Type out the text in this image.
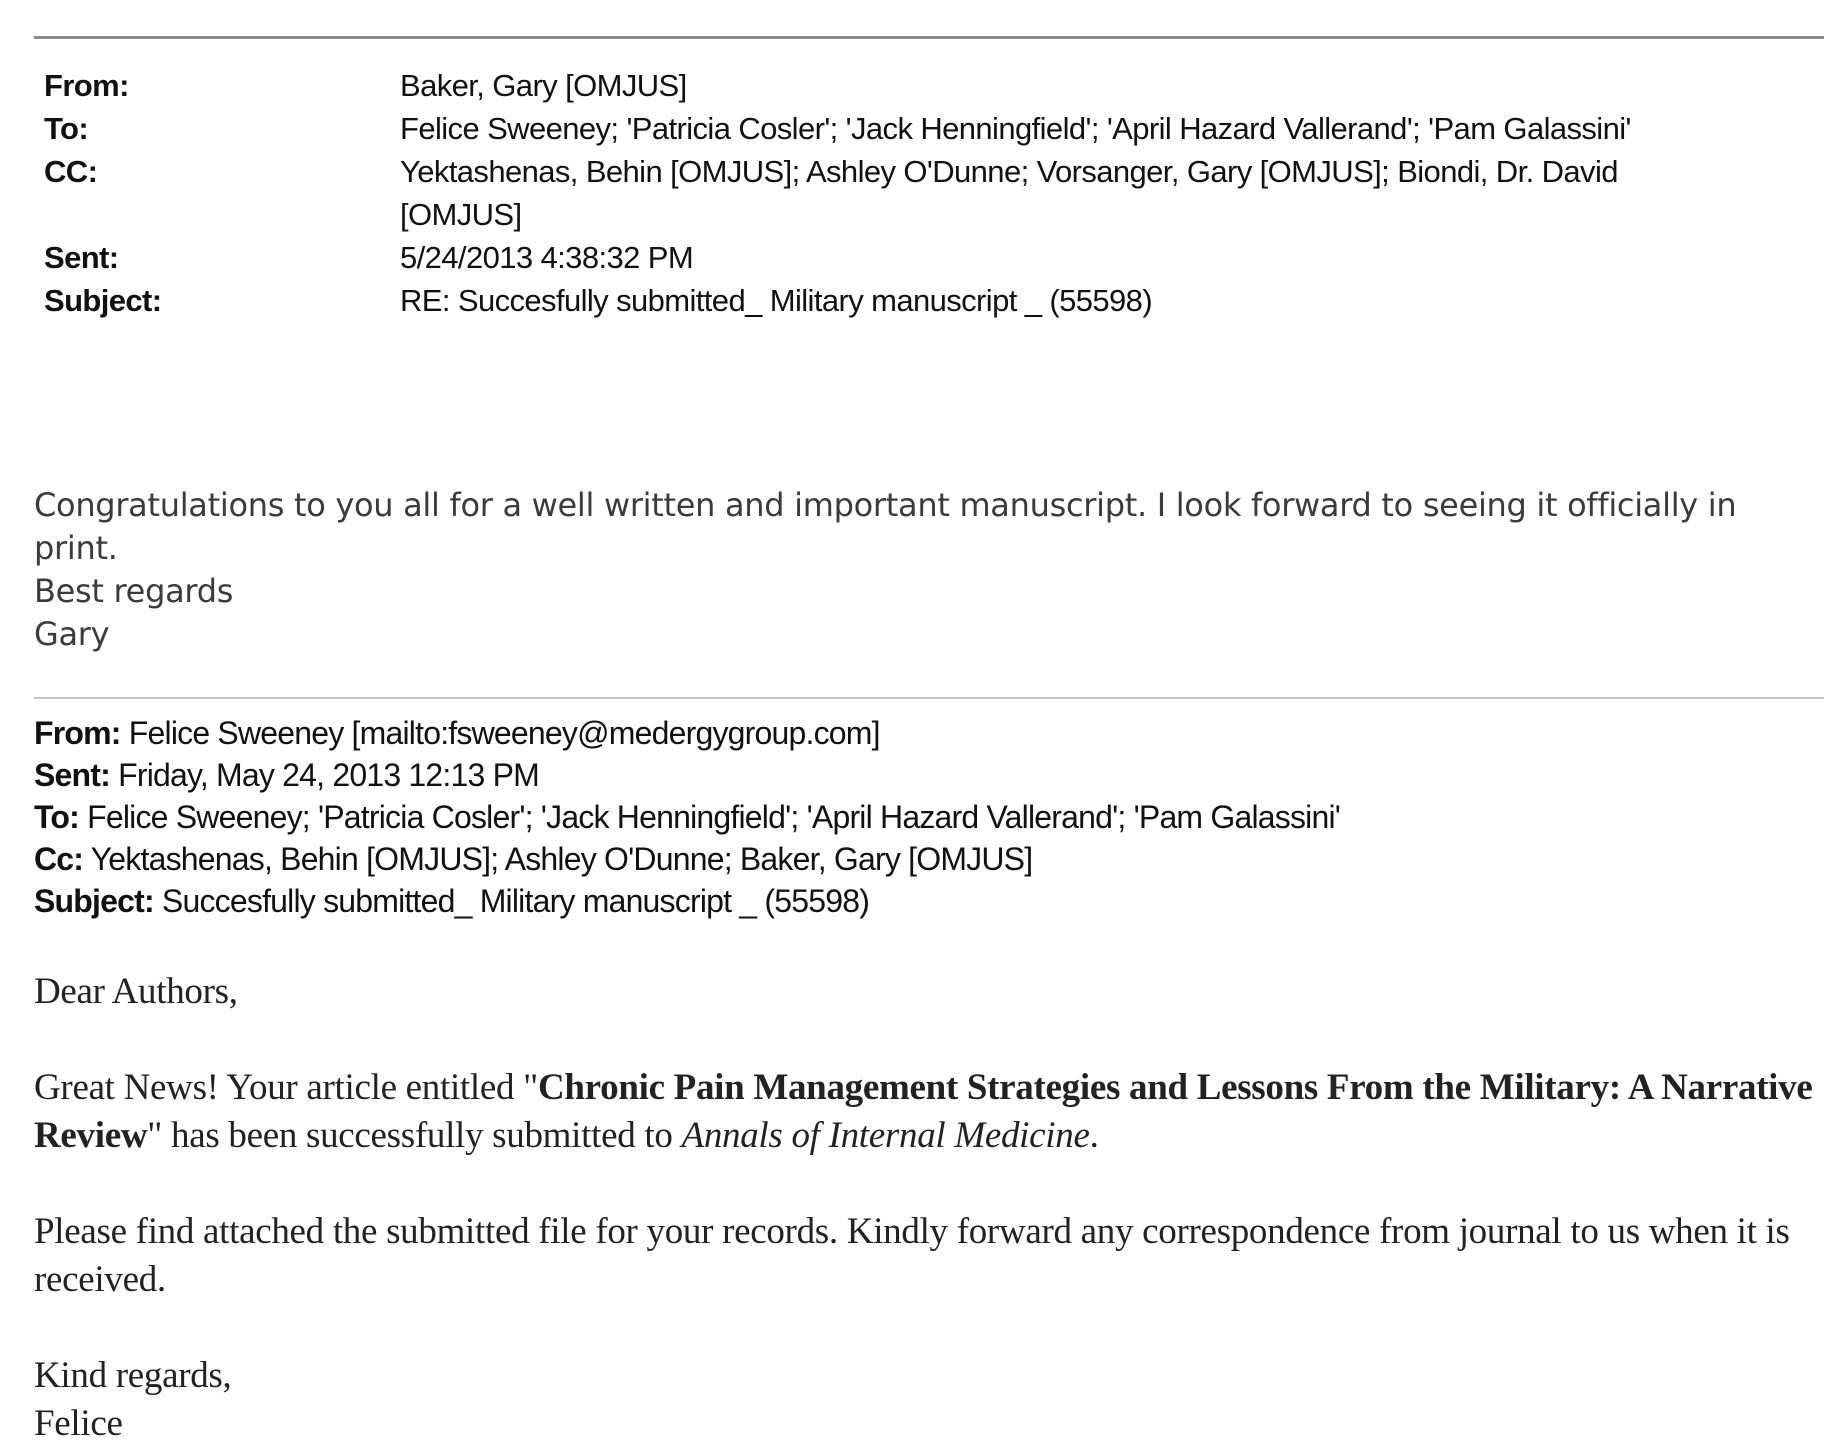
From:	Baker, Gary [OMJUS]
To:	Felice Sweeney; 'Patricia Cosler'; 'Jack Henningfield'; 'April Hazard Vallerand'; 'Pam Galassini'
CC:	Yektashenas, Behin [OMJUS]; Ashley O'Dunne; Vorsanger, Gary [OMJUS]; Biondi, Dr. David [OMJUS]
Sent:	5/24/2013 4:38:32 PM
Subject:	RE: Succesfully submitted_ Military manuscript _ (55598)

Congratulations to you all for a well written and important manuscript. I look forward to seeing it officially in print.

Best regards

Gary

From: Felice Sweeney [mailto:fsweeney@medergygroup.com]
Sent: Friday, May 24, 2013 12:13 PM
To: Felice Sweeney; 'Patricia Cosler'; 'Jack Henningfield'; 'April Hazard Vallerand'; 'Pam Galassini'
Cc: Yektashenas, Behin [OMJUS]; Ashley O'Dunne; Baker, Gary [OMJUS]
Subject: Succesfully submitted_ Military manuscript _ (55598)

Dear Authors,

Great News! Your article entitled "Chronic Pain Management Strategies and Lessons From the Military: A Narrative Review" has been successfully submitted to Annals of Internal Medicine.

Please find attached the submitted file for your records. Kindly forward any correspondence from journal to us when it is received.

Kind regards,

Felice
